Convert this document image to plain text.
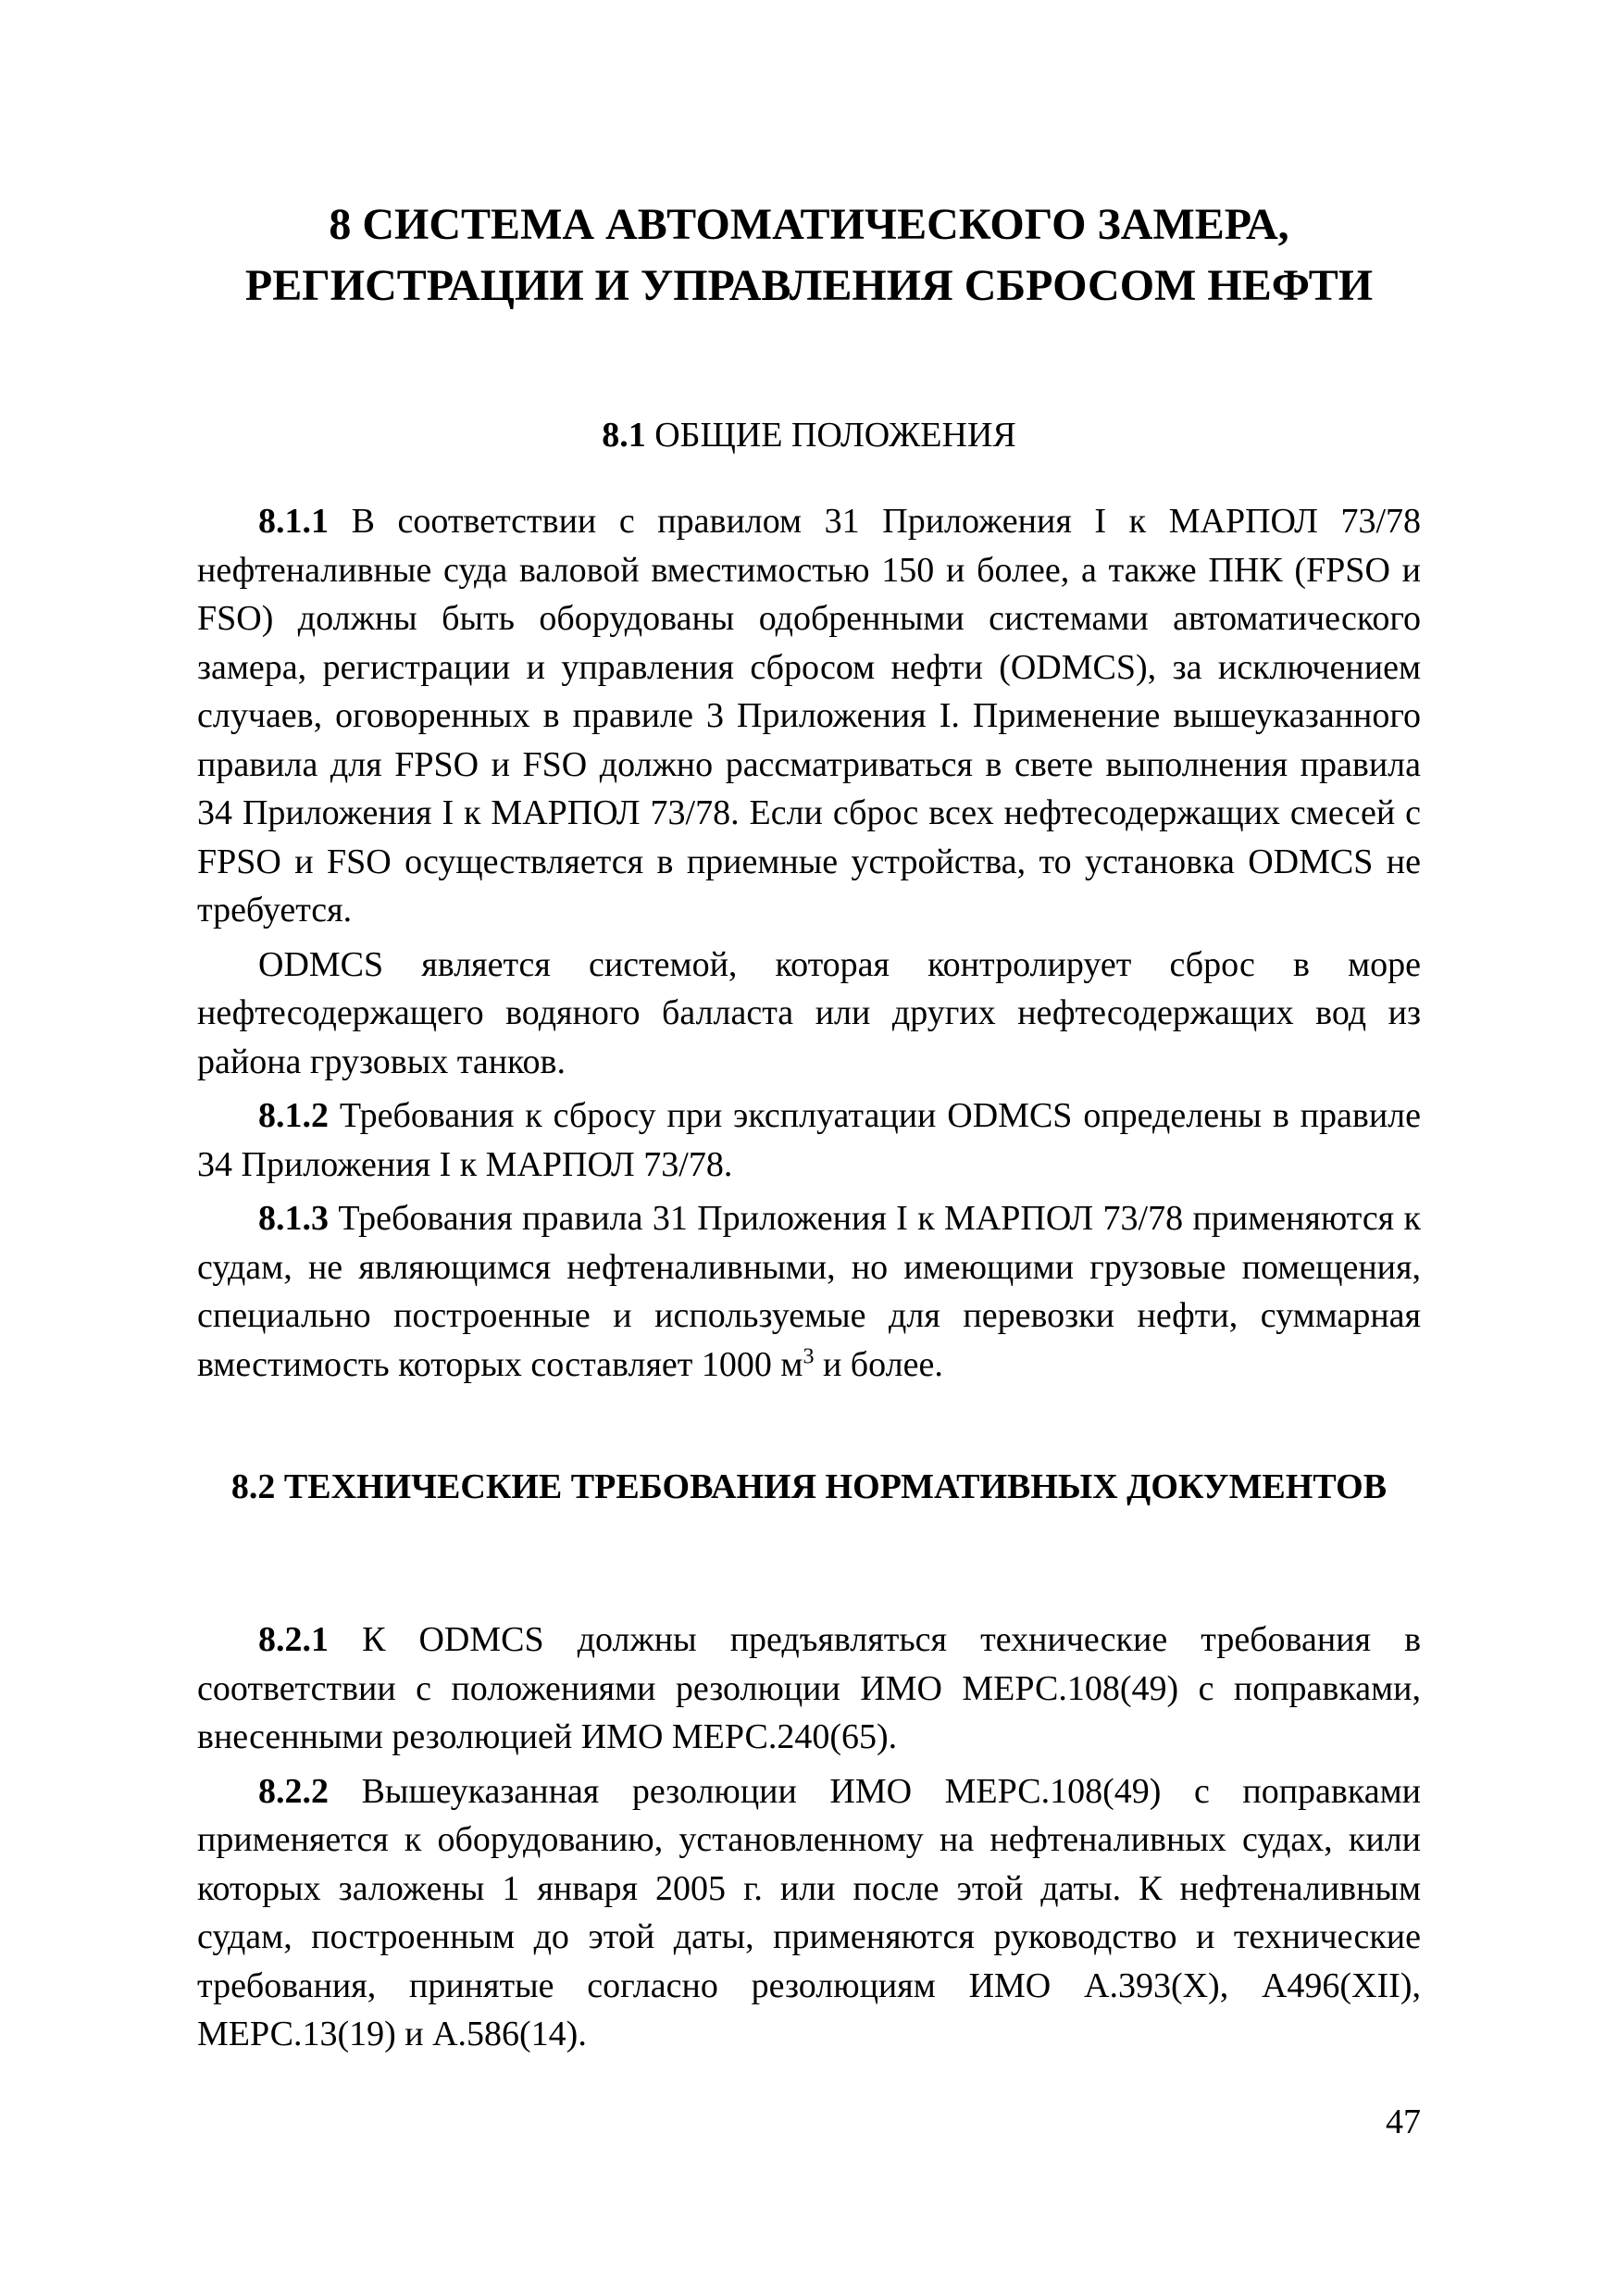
8 СИСТЕМА АВТОМАТИЧЕСКОГО ЗАМЕРА,
РЕГИСТРАЦИИ И УПРАВЛЕНИЯ СБРОСОМ НЕФТИ
8.1 ОБЩИЕ ПОЛОЖЕНИЯ

8.1.1 В соответствии с правилом 31 Приложения I к МАРПОЛ 73/78 нефтеналивные суда валовой вместимостью 150 и более, а также ПНК (FPSO и FSO) должны быть оборудованы одобренными системами автоматического замера, регистрации и управления сбросом нефти (ODMCS), за исключением случаев, оговоренных в правиле 3 Приложения I. Применение вышеуказанного правила для FPSO и FSO должно рассматриваться в свете выполнения правила 34 Приложения I к МАРПОЛ 73/78. Если сброс всех нефтесодержащих смесей с FPSO и FSO осуществляется в приемные устройства, то установка ODMCS не требуется.

ODMCS является системой, которая контролирует сброс в море нефтесодержащего водяного балласта или других нефтесодержащих вод из района грузовых танков.

8.1.2 Требования к сбросу при эксплуатации ODMCS определены в правиле 34 Приложения I к МАРПОЛ 73/78.

8.1.3 Требования правила 31 Приложения I к МАРПОЛ 73/78 применяются к судам, не являющимся нефтеналивными, но имеющими грузовые помещения, специально построенные и используемые для перевозки нефти, суммарная вместимость которых составляет 1000 $м^3$ и более.

8.2 ТЕХНИЧЕСКИЕ ТРЕБОВАНИЯ НОРМАТИВНЫХ ДОКУМЕНТОВ

8.2.1 К ODMCS должны предъявляться технические требования в соответствии с положениями резолюции ИМО МЕРС.108(49) с поправками, внесенными резолюцией ИМО МЕРС.240(65).

8.2.2 Вышеуказанная резолюции ИМО МЕРС.108(49) с поправками применяется к оборудованию, установленному на нефтеналивных судах, кили которых заложены 1 января 2005 г. или после этой даты. К нефтеналивным судам, построенным до этой даты, применяются руководство и технические требования, принятые согласно резолюциям ИМО А.393(X), А496(XII), МЕРС.13(19) и А.586(14).

47
